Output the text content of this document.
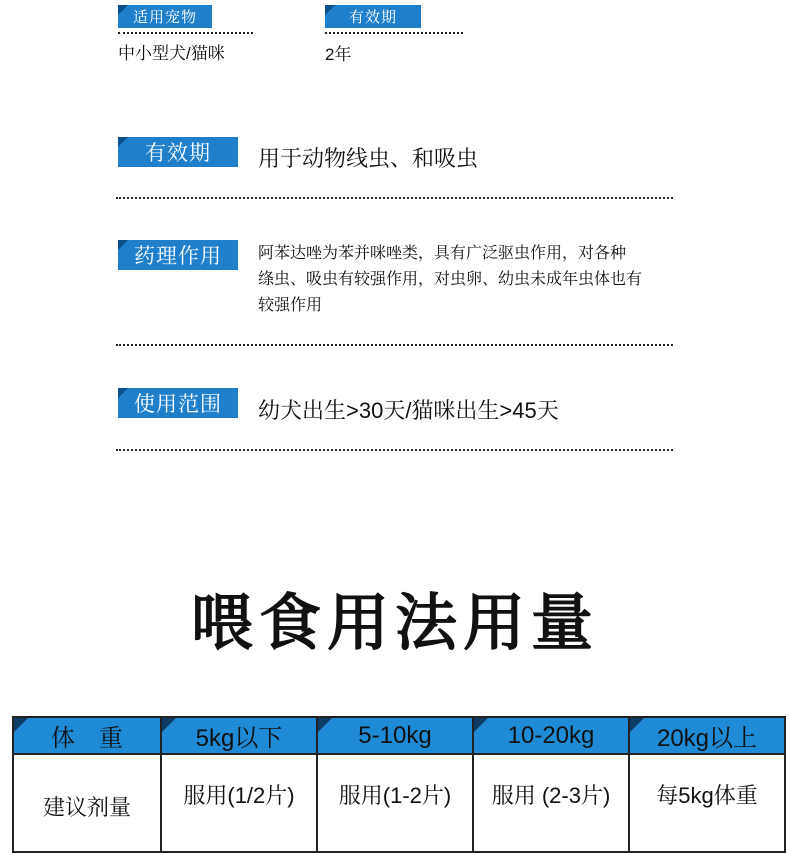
适用宠物
中小型犬/猫咪
有效期
2年
有效期 用于动物线虫、和吸虫
药理作用 阿苯达唑为苯并咪唑类，具有广泛驱虫作用，对各种
绦虫、吸虫有较强作用，对虫卵、幼虫未成年虫体也有
较强作用
使用范围 幼犬出生>30天/猫咪出生>45天
喂食用法用量
体　重	5kg以下	5-10kg	10-20kg	20kg以上
建议剂量	服用(1/2片)	服用(1-2片)	服用 (2-3片)	每5kg体重
